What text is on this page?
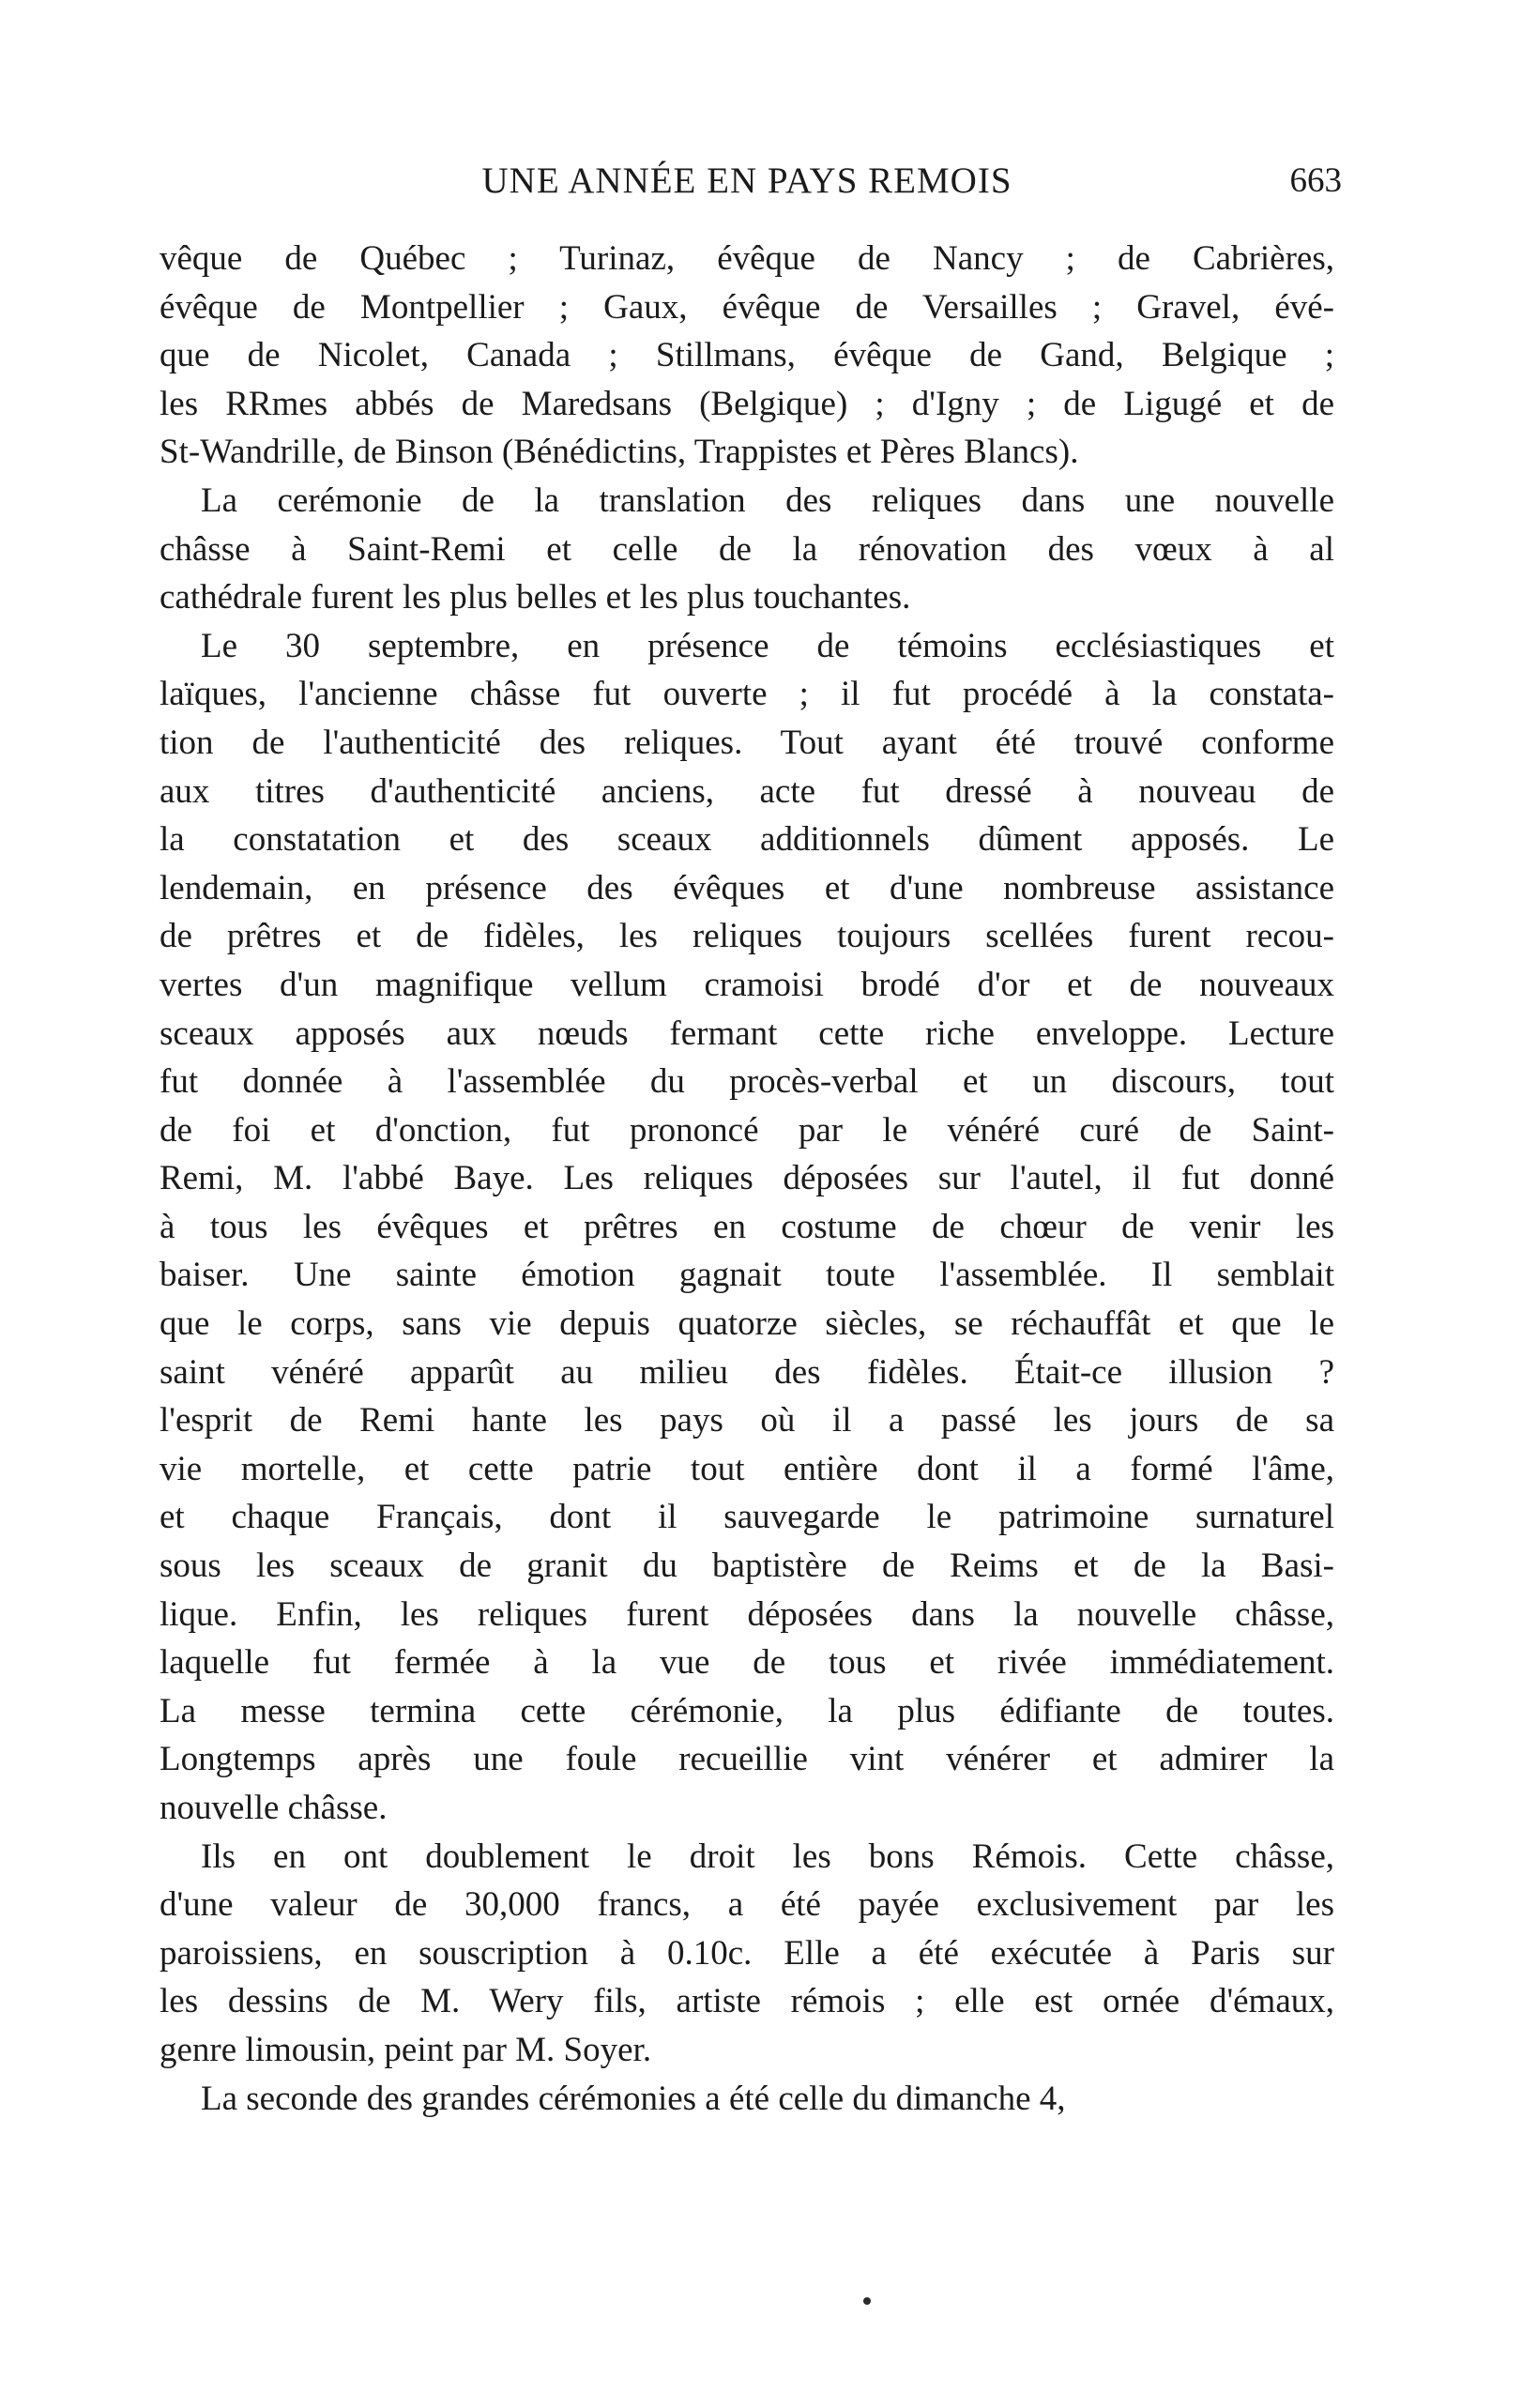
UNE ANNÉE EN PAYS REMOIS	663
vêque de Québec ; Turinaz, évêque de Nancy ; de Cabrières,
évêque de Montpellier ; Gaux, évêque de Versailles ; Gravel, évé-
que de Nicolet, Canada ; Stillmans, évêque de Gand, Belgique ;
les RRmes abbés de Maredsans (Belgique) ; d'Igny ; de Ligugé et de
St-Wandrille, de Binson (Bénédictins, Trappistes et Pères Blancs).
La cerémonie de la translation des reliques dans une nouvelle
châsse à Saint-Remi et celle de la rénovation des vœux à al
cathédrale furent les plus belles et les plus touchantes.
Le 30 septembre, en présence de témoins ecclésiastiques et
laïques, l'ancienne châsse fut ouverte ; il fut procédé à la constata-
tion de l'authenticité des reliques. Tout ayant été trouvé conforme
aux titres d'authenticité anciens, acte fut dressé à nouveau de
la constatation et des sceaux additionnels dûment apposés. Le
lendemain, en présence des évêques et d'une nombreuse assistance
de prêtres et de fidèles, les reliques toujours scellées furent recou-
vertes d'un magnifique vellum cramoisi brodé d'or et de nouveaux
sceaux apposés aux nœuds fermant cette riche enveloppe. Lecture
fut donnée à l'assemblée du procès-verbal et un discours, tout
de foi et d'onction, fut prononcé par le vénéré curé de Saint-
Remi, M. l'abbé Baye. Les reliques déposées sur l'autel, il fut donné
à tous les évêques et prêtres en costume de chœur de venir les
baiser. Une sainte émotion gagnait toute l'assemblée. Il semblait
que le corps, sans vie depuis quatorze siècles, se réchauffât et que le
saint vénéré apparût au milieu des fidèles. Était-ce illusion ?
l'esprit de Remi hante les pays où il a passé les jours de sa
vie mortelle, et cette patrie tout entière dont il a formé l'âme,
et chaque Français, dont il sauvegarde le patrimoine surnaturel
sous les sceaux de granit du baptistère de Reims et de la Basi-
lique. Enfin, les reliques furent déposées dans la nouvelle châsse,
laquelle fut fermée à la vue de tous et rivée immédiatement.
La messe termina cette cérémonie, la plus édifiante de toutes.
Longtemps après une foule recueillie vint vénérer et admirer la
nouvelle châsse.
Ils en ont doublement le droit les bons Rémois. Cette châsse,
d'une valeur de 30,000 francs, a été payée exclusivement par les
paroissiens, en souscription à 0.10c. Elle a été exécutée à Paris sur
les dessins de M. Wery fils, artiste rémois ; elle est ornée d'émaux,
genre limousin, peint par M. Soyer.
La seconde des grandes cérémonies a été celle du dimanche 4,
